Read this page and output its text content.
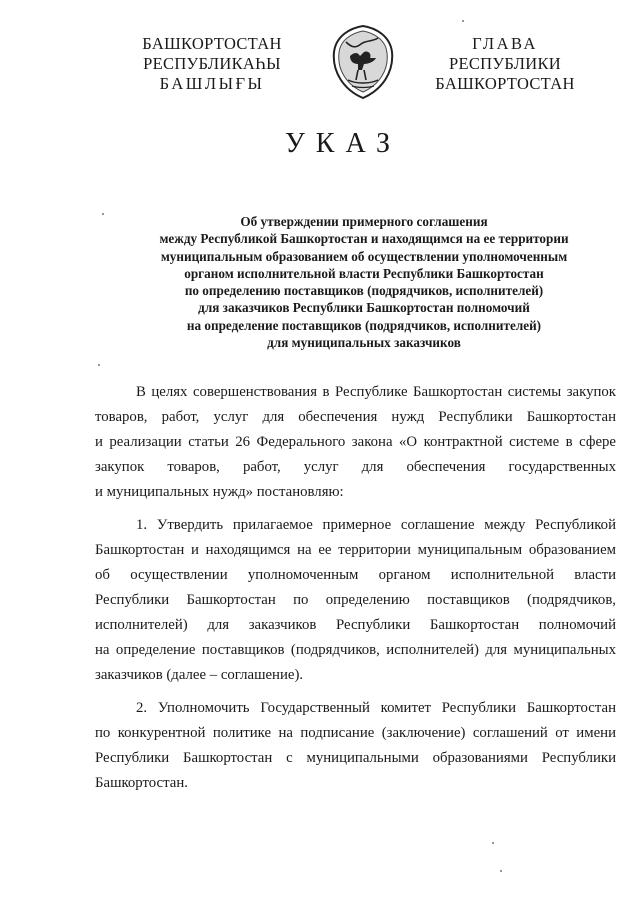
БАШКОРТОСТАН
РЕСПУБЛИКАҺЫ
БАШЛЫҒЫ
ГЛАВА
РЕСПУБЛИКИ
БАШКОРТОСТАН
УКАЗ
Об утверждении примерного соглашения
между Республикой Башкортостан и находящимся на ее территории
муниципальным образованием об осуществлении уполномоченным
органом исполнительной власти Республики Башкортостан
по определению поставщиков (подрядчиков, исполнителей)
для заказчиков Республики Башкортостан полномочий
на определение поставщиков (подрядчиков, исполнителей)
для муниципальных заказчиков

В целях совершенствования в Республике Башкортостан системы закупок
товаров, работ, услуг для обеспечения нужд Республики Башкортостан
и реализации статьи 26 Федерального закона «О контрактной системе в сфере
закупок товаров, работ, услуг для обеспечения государственных
и муниципальных нужд» постановляю:

1. Утвердить прилагаемое примерное соглашение между Республикой
Башкортостан и находящимся на ее территории муниципальным образованием
об осуществлении уполномоченным органом исполнительной власти
Республики Башкортостан по определению поставщиков (подрядчиков,
исполнителей) для заказчиков Республики Башкортостан полномочий
на определение поставщиков (подрядчиков, исполнителей) для муниципальных
заказчиков (далее – соглашение).

2. Уполномочить Государственный комитет Республики Башкортостан
по конкурентной политике на подписание (заключение) соглашений от имени
Республики Башкортостан с муниципальными образованиями Республики
Башкортостан.
